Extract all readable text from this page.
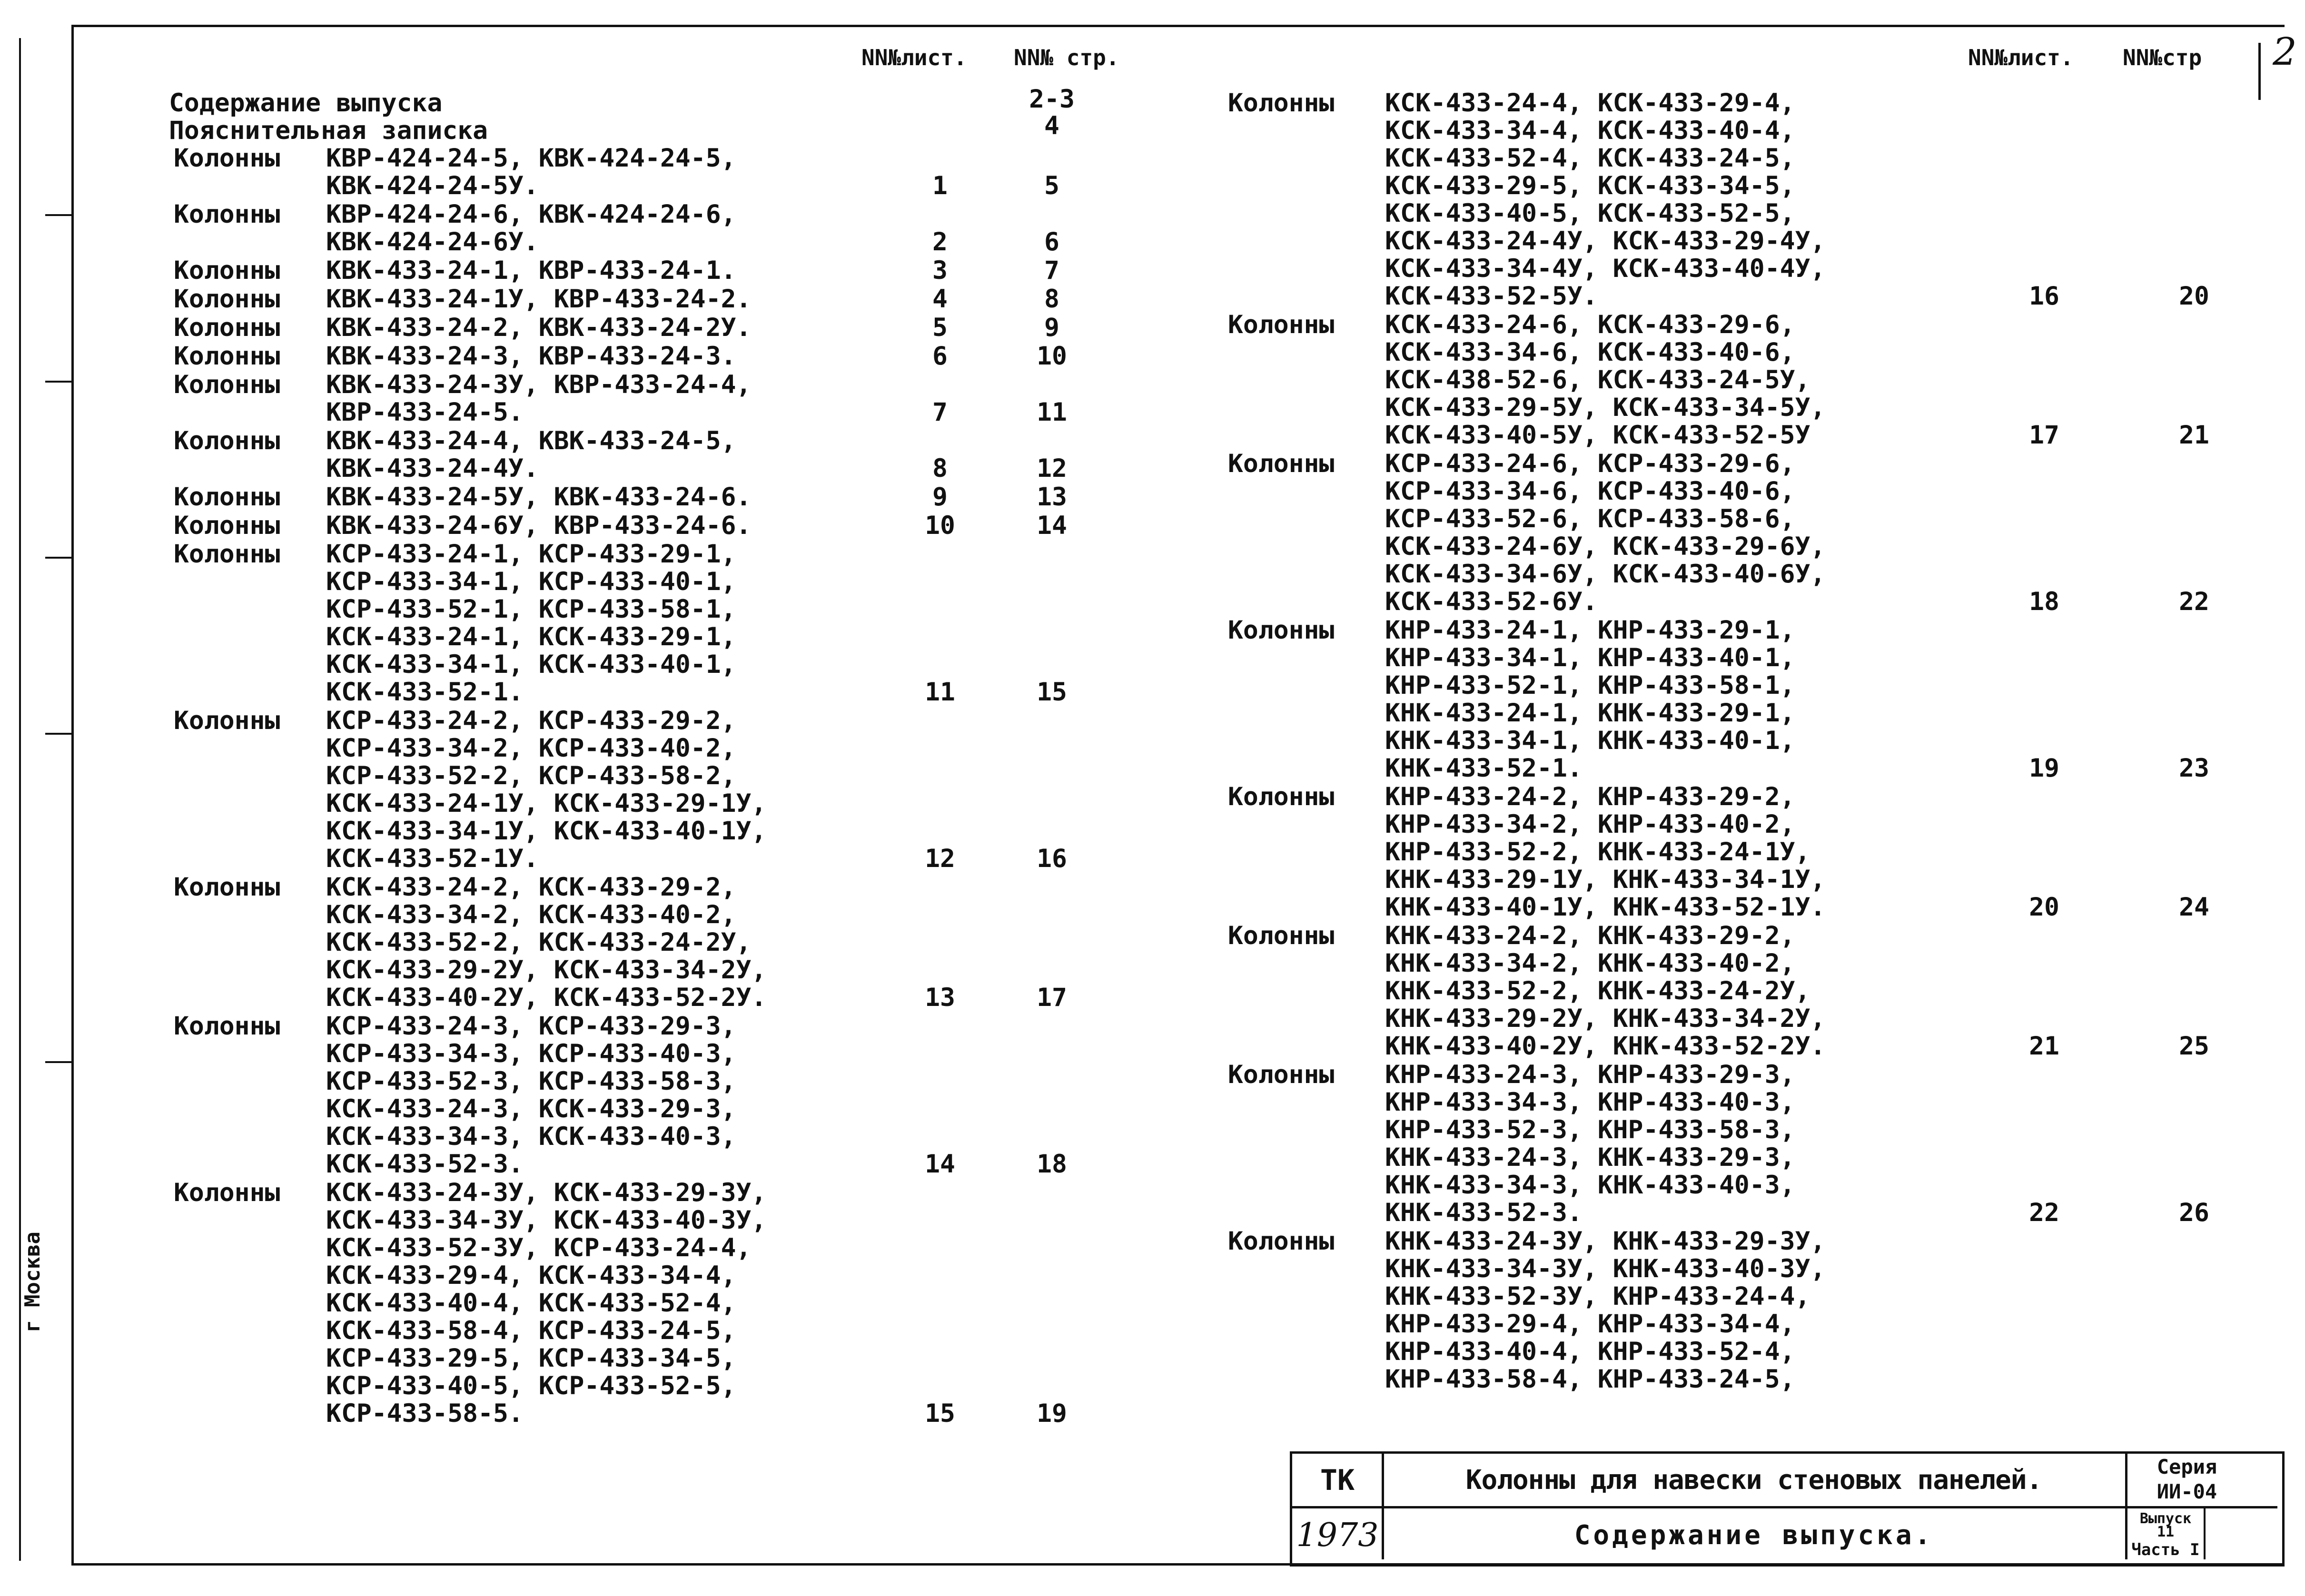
г Москва
2
NN№лист. NN№ стр.	NN№лист. NN№стр
Содержание выпуска	2-3
Пояснительная записка	4
Колонны КВР-424-24-5, КВК-424-24-5,
КВК-424-24-5У.	1	5
Колонны КВР-424-24-6, КВК-424-24-6,
КВК-424-24-6У.	2	6
Колонны КВК-433-24-1, КВР-433-24-1.	3	7
Колонны КВК-433-24-1У, КВР-433-24-2.	4	8
Колонны КВК-433-24-2, КВК-433-24-2У.	5	9
Колонны КВК-433-24-3, КВР-433-24-3.	6	10
Колонны КВК-433-24-3У, КВР-433-24-4,
КВР-433-24-5.	7	11
Колонны КВК-433-24-4, КВК-433-24-5,
КВК-433-24-4У.	8	12
Колонны КВК-433-24-5У, КВК-433-24-6.	9	13
Колонны КВК-433-24-6У, КВР-433-24-6.	10	14
Колонны КСР-433-24-1, КСР-433-29-1,
КСР-433-34-1, КСР-433-40-1,
КСР-433-52-1, КСР-433-58-1,
КСК-433-24-1, КСК-433-29-1,
КСК-433-34-1, КСК-433-40-1,
КСК-433-52-1.	11	15
Колонны КСР-433-24-2, КСР-433-29-2,
КСР-433-34-2, КСР-433-40-2,
КСР-433-52-2, КСР-433-58-2,
КСК-433-24-1У, КСК-433-29-1У,
КСК-433-34-1У, КСК-433-40-1У,
КСК-433-52-1У.	12	16
Колонны КСК-433-24-2, КСК-433-29-2,
КСК-433-34-2, КСК-433-40-2,
КСК-433-52-2, КСК-433-24-2У,
КСК-433-29-2У, КСК-433-34-2У,
КСК-433-40-2У, КСК-433-52-2У.	13	17
Колонны КСР-433-24-3, КСР-433-29-3,
КСР-433-34-3, КСР-433-40-3,
КСР-433-52-3, КСР-433-58-3,
КСК-433-24-3, КСК-433-29-3,
КСК-433-34-3, КСК-433-40-3,
КСК-433-52-3.	14	18
Колонны КСК-433-24-3У, КСК-433-29-3У,
КСК-433-34-3У, КСК-433-40-3У,
КСК-433-52-3У, КСР-433-24-4,
КСК-433-29-4, КСК-433-34-4,
КСК-433-40-4, КСК-433-52-4,
КСК-433-58-4, КСР-433-24-5,
КСР-433-29-5, КСР-433-34-5,
КСР-433-40-5, КСР-433-52-5,
КСР-433-58-5.	15	19
Колонны КСК-433-24-4, КСК-433-29-4,
КСК-433-34-4, КСК-433-40-4,
КСК-433-52-4, КСК-433-24-5,
КСК-433-29-5, КСК-433-34-5,
КСК-433-40-5, КСК-433-52-5,
КСК-433-24-4У, КСК-433-29-4У,
КСК-433-34-4У, КСК-433-40-4У,
КСК-433-52-5У.	16	20
Колонны КСК-433-24-6, КСК-433-29-6,
КСК-433-34-6, КСК-433-40-6,
КСК-438-52-6, КСК-433-24-5У,
КСК-433-29-5У, КСК-433-34-5У,
КСК-433-40-5У, КСК-433-52-5У	17	21
Колонны КСР-433-24-6, КСР-433-29-6,
КСР-433-34-6, КСР-433-40-6,
КСР-433-52-6, КСР-433-58-6,
КСК-433-24-6У, КСК-433-29-6У,
КСК-433-34-6У, КСК-433-40-6У,
КСК-433-52-6У.	18	22
Колонны КНР-433-24-1, КНР-433-29-1,
КНР-433-34-1, КНР-433-40-1,
КНР-433-52-1, КНР-433-58-1,
КНК-433-24-1, КНК-433-29-1,
КНК-433-34-1, КНК-433-40-1,
КНК-433-52-1.	19	23
Колонны КНР-433-24-2, КНР-433-29-2,
КНР-433-34-2, КНР-433-40-2,
КНР-433-52-2, КНК-433-24-1У,
КНК-433-29-1У, КНК-433-34-1У,
КНК-433-40-1У, КНК-433-52-1У.	20	24
Колонны КНК-433-24-2, КНК-433-29-2,
КНК-433-34-2, КНК-433-40-2,
КНК-433-52-2, КНК-433-24-2У,
КНК-433-29-2У, КНК-433-34-2У,
КНК-433-40-2У, КНК-433-52-2У.	21	25
Колонны КНР-433-24-3, КНР-433-29-3,
КНР-433-34-3, КНР-433-40-3,
КНР-433-52-3, КНР-433-58-3,
КНК-433-24-3, КНК-433-29-3,
КНК-433-34-3, КНК-433-40-3,
КНК-433-52-3.	22	26
Колонны КНК-433-24-3У, КНК-433-29-3У,
КНК-433-34-3У, КНК-433-40-3У,
КНК-433-52-3У, КНР-433-24-4,
КНР-433-29-4, КНР-433-34-4,
КНР-433-40-4, КНР-433-52-4,
КНР-433-58-4, КНР-433-24-5,
ТК
1973
Колонны для навески стеновых панелей.
Содержание выпуска.
Серия
ИИ-04
Выпуск
11
Часть I
